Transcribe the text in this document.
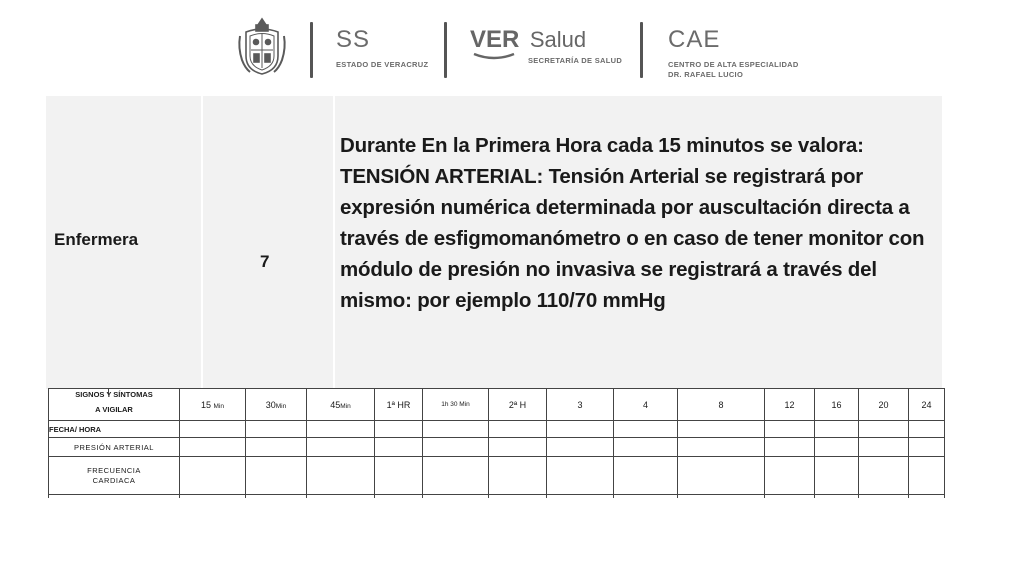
SS
ESTADO DE VERACRUZ
VER Salud
SECRETARÍA DE SALUD
CAE
CENTRO DE ALTA ESPECIALIDAD
DR. RAFAEL LUCIO
Enfermera
7
Durante En la Primera Hora cada 15 minutos se valora: TENSIÓN ARTERIAL: Tensión Arterial se registrará por expresión numérica determinada por auscultación directa a través de esfigmomanómetro o en caso de tener monitor con módulo de presión no invasiva se registrará a través del mismo: por ejemplo 110/70 mmHg
SIGNOS Y SÍNTOMAS	15 Min	30Min	45Min	1ª HR	1h 30 Min	2ª H	3	4	8	12	16	20	24
A VIGILAR													
FECHA/ HORA													
PRESIÓN ARTERIAL													

FRECUENCIA
CARDIACA													
